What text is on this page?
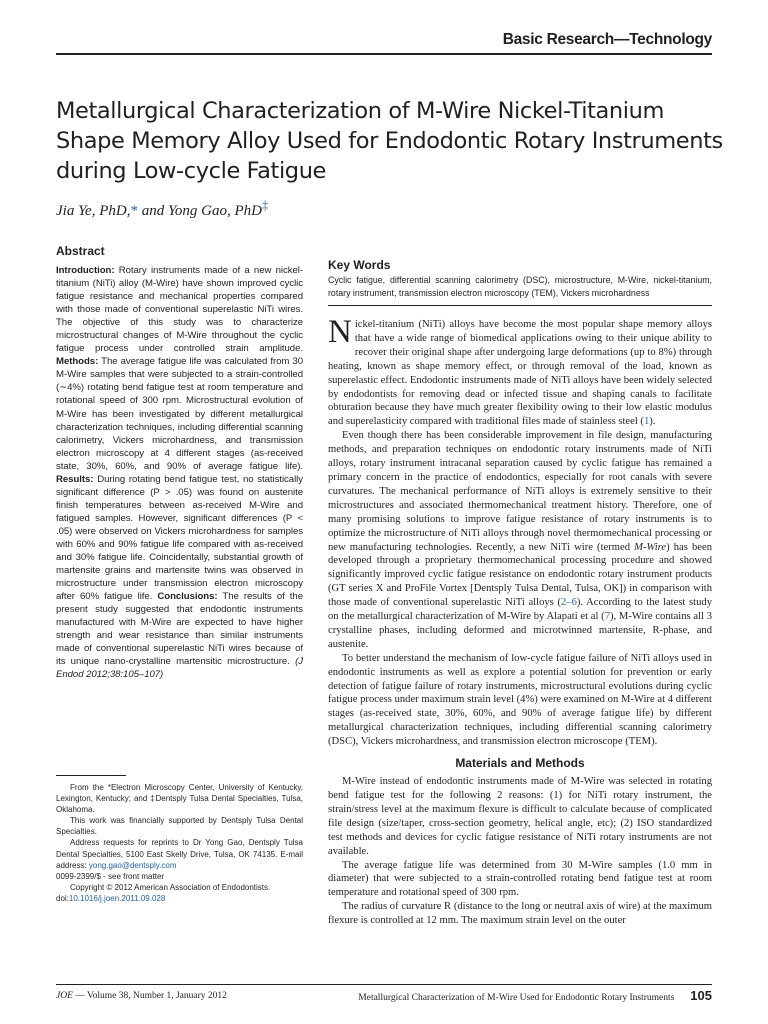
Basic Research—Technology
Metallurgical Characterization of M-Wire Nickel-Titanium Shape Memory Alloy Used for Endodontic Rotary Instruments during Low-cycle Fatigue
Jia Ye, PhD,* and Yong Gao, PhD‡
Abstract
Introduction: Rotary instruments made of a new nickel-titanium (NiTi) alloy (M-Wire) have shown improved cyclic fatigue resistance and mechanical properties compared with those made of conventional superelastic NiTi wires. The objective of this study was to characterize microstructural changes of M-Wire throughout the cyclic fatigue process under controlled strain amplitude. Methods: The average fatigue life was calculated from 30 M-Wire samples that were subjected to a strain-controlled (∼4%) rotating bend fatigue test at room temperature and rotational speed of 300 rpm. Microstructural evolution of M-Wire has been investigated by different metallurgical characterization techniques, including differential scanning calorimetry, Vickers microhardness, and transmission electron microscopy at 4 different stages (as-received state, 30%, 60%, and 90% of average fatigue life). Results: During rotating bend fatigue test, no statistically significant difference (P > .05) was found on austenite finish temperatures between as-received M-Wire and fatigued samples. However, significant differences (P < .05) were observed on Vickers microhardness for samples with 60% and 90% fatigue life compared with as-received and 30% fatigue life. Coincidentally, substantial growth of martensite grains and martensite twins was observed in microstructure under transmission electron microscopy after 60% fatigue life. Conclusions: The results of the present study suggested that endodontic instruments manufactured with M-Wire are expected to have higher strength and wear resistance than similar instruments made of conventional superelastic NiTi wires because of its unique nano-crystalline martensitic microstructure. (J Endod 2012;38:105–107)

From the *Electron Microscopy Center, University of Kentucky, Lexington, Kentucky; and ‡Dentsply Tulsa Dental Specialties, Tulsa, Oklahoma.

This work was financially supported by Dentsply Tulsa Dental Specialties.

Address requests for reprints to Dr Yong Gao, Dentsply Tulsa Dental Specialties, 5100 East Skelly Drive, Tulsa, OK 74135. E-mail address: yong.gao@dentsply.com

0099-2399/$ - see front matter

Copyright © 2012 American Association of Endodontists.

doi:10.1016/j.joen.2011.09.028

Key Words
Cyclic fatigue, differential scanning calorimetry (DSC), microstructure, M-Wire, nickel-titanium, rotary instrument, transmission electron microscopy (TEM), Vickers microhardness

Nickel-titanium (NiTi) alloys have become the most popular shape memory alloys that have a wide range of biomedical applications owing to their unique ability to recover their original shape after undergoing large deformations (up to 8%) through heating, known as shape memory effect, or through removal of the load, known as superelastic effect. Endodontic instruments made of NiTi alloys have been widely selected by endodontists for removing dead or infected tissue and shaping canals to facilitate obturation because they have much greater flexibility owing to their low elastic modulus and superelasticity compared with traditional files made of stainless steel (1).

Even though there has been considerable improvement in file design, manufacturing methods, and preparation techniques on endodontic rotary instruments made of NiTi alloys, rotary instrument intracanal separation caused by cyclic fatigue has remained a primary concern in the practice of endodontics, especially for root canals with severe curvatures. The mechanical performance of NiTi alloys is extremely sensitive to their microstructures and associated thermomechanical treatment history. Therefore, one of many promising solutions to improve fatigue resistance of rotary instruments is to optimize the microstructure of NiTi alloys through novel thermomechanical processing or new manufacturing technologies. Recently, a new NiTi wire (termed M-Wire) has been developed through a proprietary thermomechanical processing procedure and showed significantly improved cyclic fatigue resistance on endodontic rotary instrument products (GT series X and ProFile Vortex [Dentsply Tulsa Dental, Tulsa, OK]) in comparison with those made of conventional superelastic NiTi alloys (2–6). According to the latest study on the metallurgical characterization of M-Wire by Alapati et al (7), M-Wire contains all 3 crystalline phases, including deformed and microtwinned martensite, R-phase, and austenite.

To better understand the mechanism of low-cycle fatigue failure of NiTi alloys used in endodontic instruments as well as explore a potential solution for prevention or early detection of fatigue failure of rotary instruments, microstructural evolutions during cyclic fatigue process under maximum strain level (4%) were examined on M-Wire at 4 different stages (as-received state, 30%, 60%, and 90% of average fatigue life) by different metallurgical characterization techniques, including differential scanning calorimetry (DSC), Vickers microhardness, and transmission electron microscope (TEM).

Materials and Methods

M-Wire instead of endodontic instruments made of M-Wire was selected in rotating bend fatigue test for the following 2 reasons: (1) for NiTi rotary instrument, the strain/stress level at the maximum flexure is difficult to calculate because of complicated file design (size/taper, cross-section geometry, helical angle, etc); (2) ISO standardized test methods and devices for cyclic fatigue resistance of NiTi rotary instruments are not available.

The average fatigue life was determined from 30 M-Wire samples (1.0 mm in diameter) that were subjected to a strain-controlled rotating bend fatigue test at room temperature and rotational speed of 300 rpm.

The radius of curvature R (distance to the long or neutral axis of wire) at the maximum flexure is controlled at 12 mm. The maximum strain level on the outer

JOE — Volume 38, Number 1, January 2012	Metallurgical Characterization of M-Wire Used for Endodontic Rotary Instruments 105
